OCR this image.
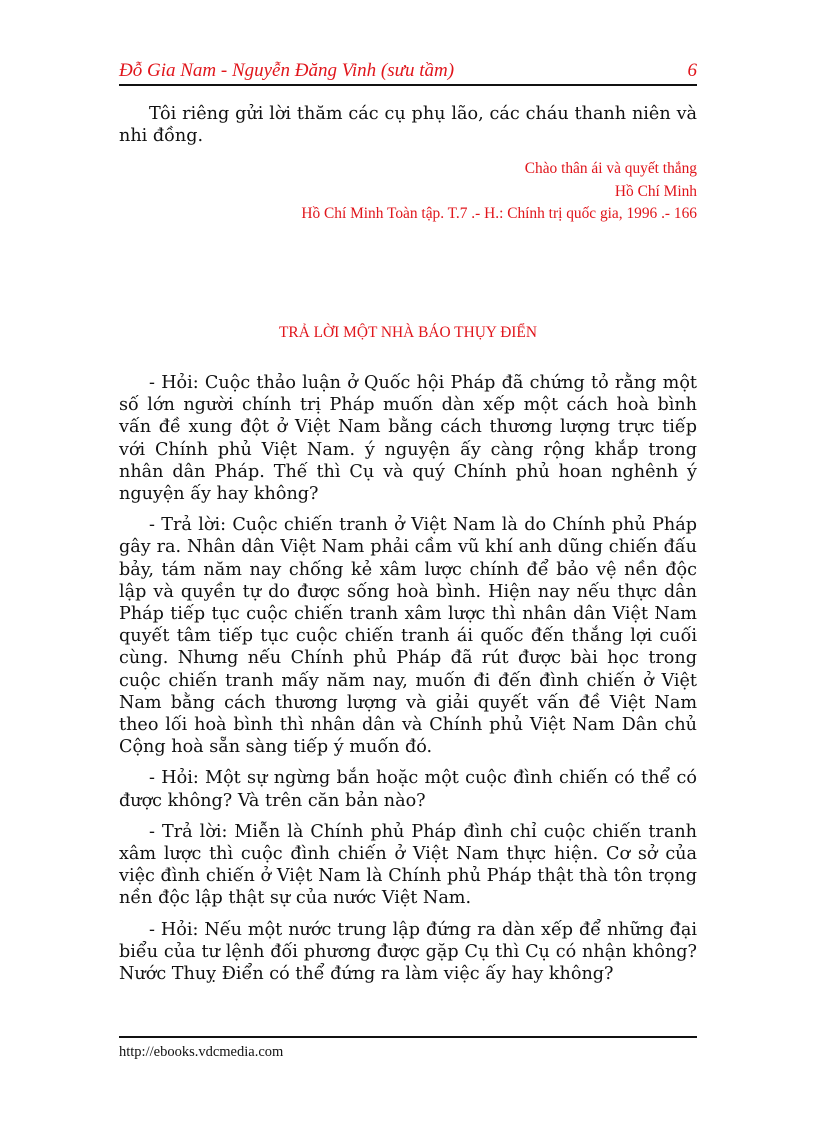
Đỗ Gia Nam - Nguyễn Đăng Vinh (sưu tầm)	6

Tôi riêng gửi lời thăm các cụ phụ lão, các cháu thanh niên và nhi đồng.

Chào thân ái và quyết thắng
Hồ Chí Minh
Hồ Chí Minh Toàn tập. T.7 .- H.: Chính trị quốc gia, 1996 .- 166
TRẢ LỜI MỘT NHÀ BÁO THỤY ĐIỂN

- Hỏi: Cuộc thảo luận ở Quốc hội Pháp đã chứng tỏ rằng một số lớn người chính trị Pháp muốn dàn xếp một cách hoà bình vấn đề xung đột ở Việt Nam bằng cách thương lượng trực tiếp với Chính phủ Việt Nam. ý nguyện ấy càng rộng khắp trong nhân dân Pháp. Thế thì Cụ và quý Chính phủ hoan nghênh ý nguyện ấy hay không?

- Trả lời: Cuộc chiến tranh ở Việt Nam là do Chính phủ Pháp gây ra. Nhân dân Việt Nam phải cầm vũ khí anh dũng chiến đấu bảy, tám năm nay chống kẻ xâm lược chính để bảo vệ nền độc lập và quyền tự do được sống hoà bình. Hiện nay nếu thực dân Pháp tiếp tục cuộc chiến tranh xâm lược thì nhân dân Việt Nam quyết tâm tiếp tục cuộc chiến tranh ái quốc đến thắng lợi cuối cùng. Nhưng nếu Chính phủ Pháp đã rút được bài học trong cuộc chiến tranh mấy năm nay, muốn đi đến đình chiến ở Việt Nam bằng cách thương lượng và giải quyết vấn đề Việt Nam theo lối hoà bình thì nhân dân và Chính phủ Việt Nam Dân chủ Cộng hoà sẵn sàng tiếp ý muốn đó.

- Hỏi: Một sự ngừng bắn hoặc một cuộc đình chiến có thể có được không? Và trên căn bản nào?

- Trả lời: Miễn là Chính phủ Pháp đình chỉ cuộc chiến tranh xâm lược thì cuộc đình chiến ở Việt Nam thực hiện. Cơ sở của việc đình chiến ở Việt Nam là Chính phủ Pháp thật thà tôn trọng nền độc lập thật sự của nước Việt Nam.

- Hỏi: Nếu một nước trung lập đứng ra dàn xếp để những đại biểu của tư lệnh đối phương được gặp Cụ thì Cụ có nhận không? Nước Thuỵ Điển có thể đứng ra làm việc ấy hay không?

http://ebooks.vdcmedia.com
